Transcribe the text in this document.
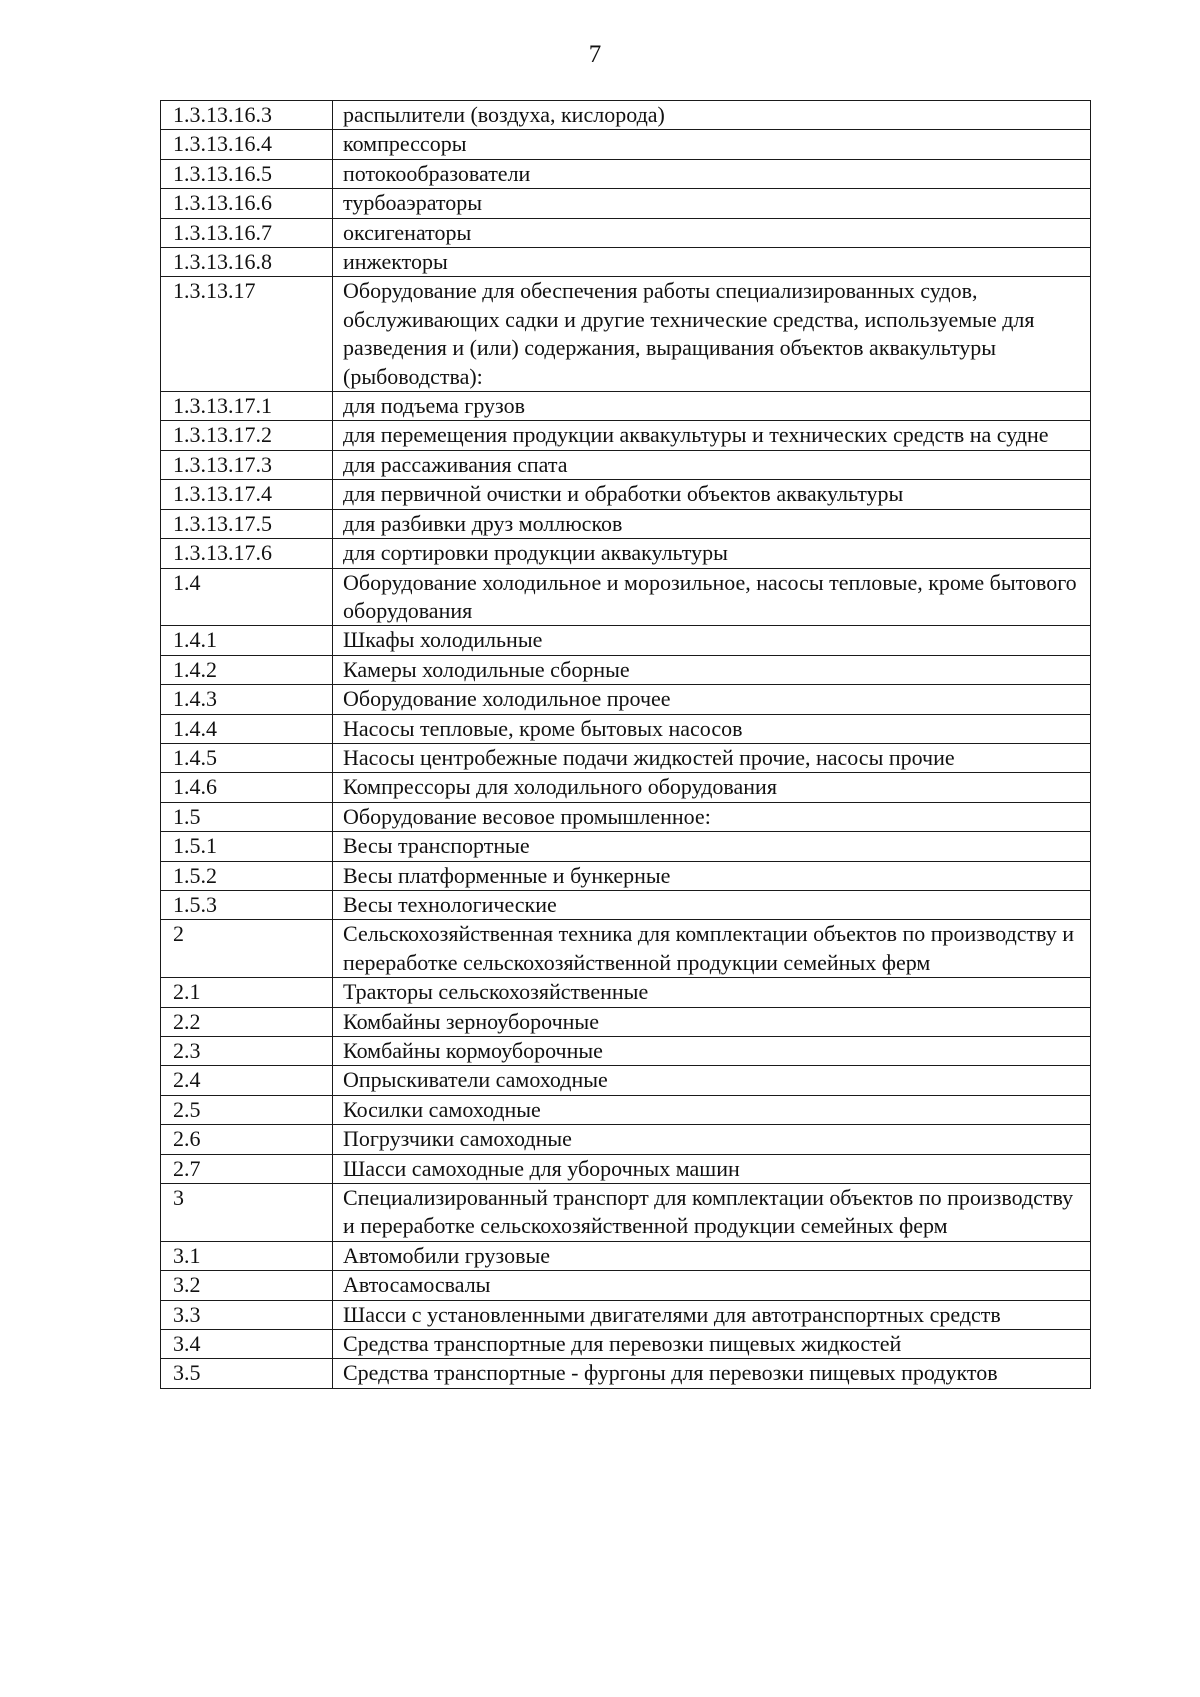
7
1.3.13.16.3	распылители (воздуха, кислорода)
1.3.13.16.4	компрессоры
1.3.13.16.5	потокообразователи
1.3.13.16.6	турбоаэраторы
1.3.13.16.7	оксигенаторы
1.3.13.16.8	инжекторы
1.3.13.17	Оборудование для обеспечения работы специализированных судов, обслуживающих садки и другие технические средства, используемые для разведения и (или) содержания, выращивания объектов аквакультуры (рыбоводства):
1.3.13.17.1	для подъема грузов
1.3.13.17.2	для перемещения продукции аквакультуры и технических средств на судне
1.3.13.17.3	для рассаживания спата
1.3.13.17.4	для первичной очистки и обработки объектов аквакультуры
1.3.13.17.5	для разбивки друз моллюсков
1.3.13.17.6	для сортировки продукции аквакультуры
1.4	Оборудование холодильное и морозильное, насосы тепловые, кроме бытового оборудования
1.4.1	Шкафы холодильные
1.4.2	Камеры холодильные сборные
1.4.3	Оборудование холодильное прочее
1.4.4	Насосы тепловые, кроме бытовых насосов
1.4.5	Насосы центробежные подачи жидкостей прочие, насосы прочие
1.4.6	Компрессоры для холодильного оборудования
1.5	Оборудование весовое промышленное:
1.5.1	Весы транспортные
1.5.2	Весы платформенные и бункерные
1.5.3	Весы технологические
2	Сельскохозяйственная техника для комплектации объектов по производству и переработке сельскохозяйственной продукции семейных ферм
2.1	Тракторы сельскохозяйственные
2.2	Комбайны зерноуборочные
2.3	Комбайны кормоуборочные
2.4	Опрыскиватели самоходные
2.5	Косилки самоходные
2.6	Погрузчики самоходные
2.7	Шасси самоходные для уборочных машин
3	Специализированный транспорт для комплектации объектов по производству и переработке сельскохозяйственной продукции семейных ферм
3.1	Автомобили грузовые
3.2	Автосамосвалы
3.3	Шасси с установленными двигателями для автотранспортных средств
3.4	Средства транспортные для перевозки пищевых жидкостей
3.5	Средства транспортные - фургоны для перевозки пищевых продуктов
